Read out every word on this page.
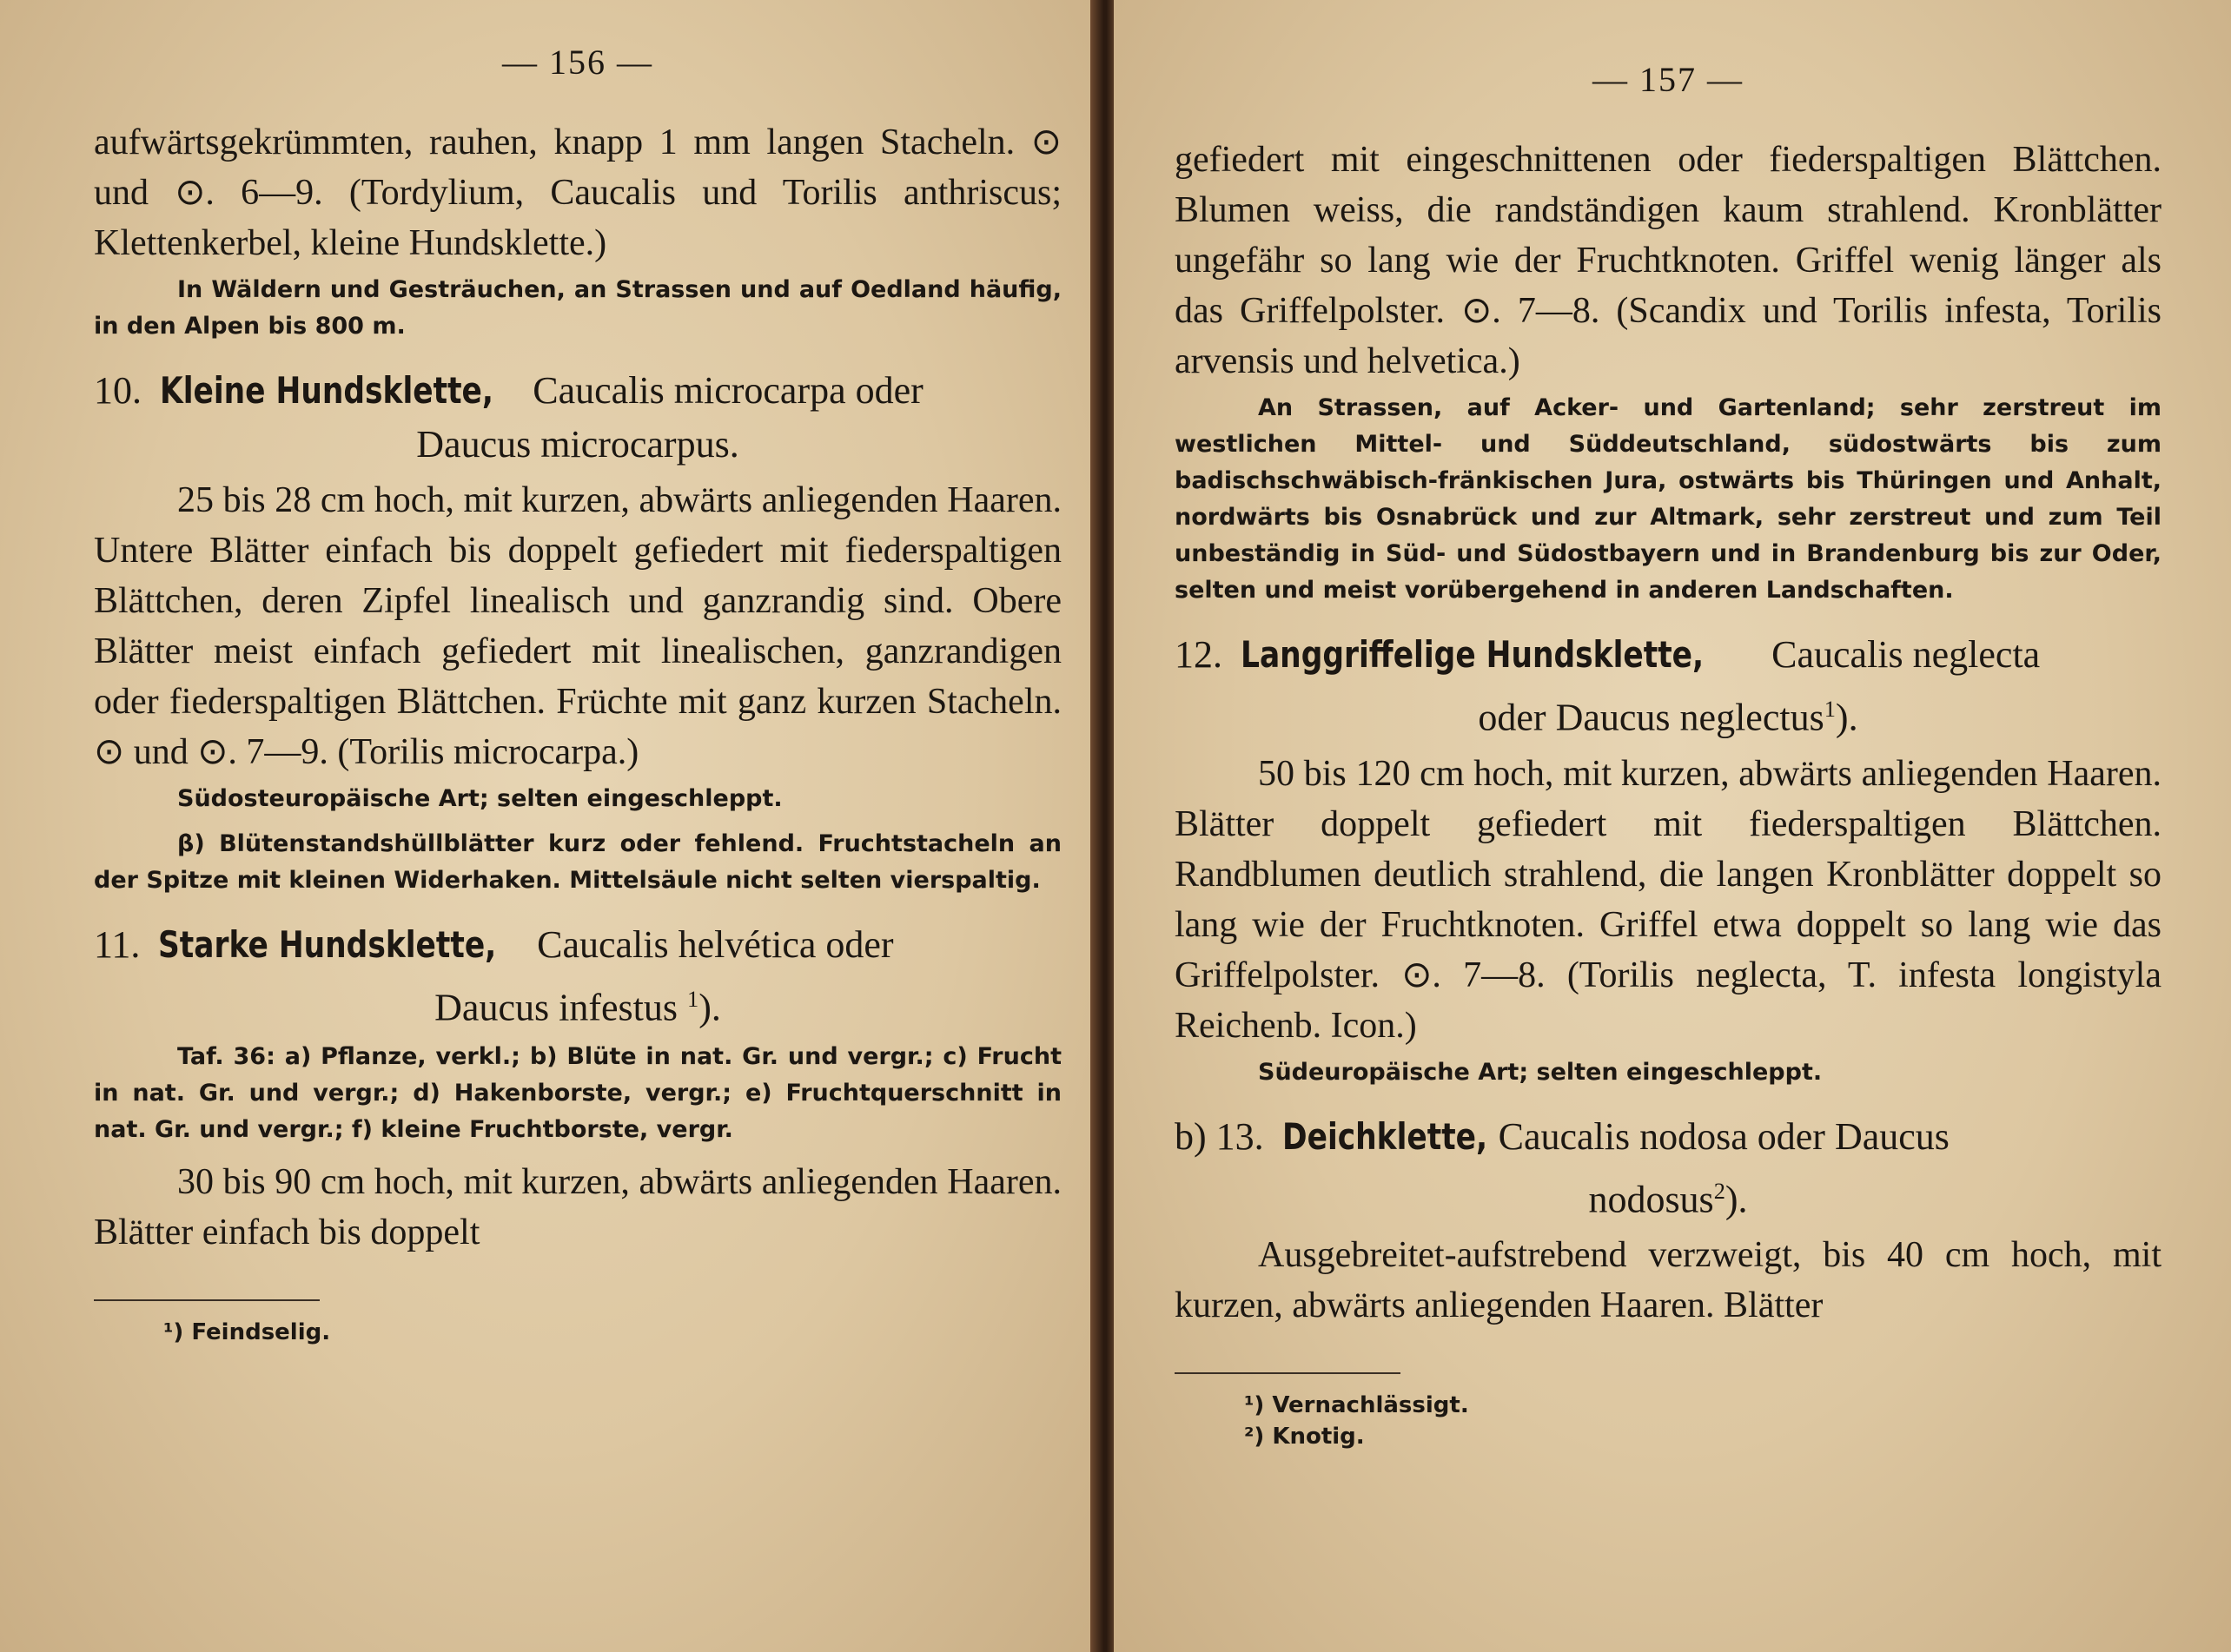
— 156 —

aufwärtsgekrümmten, rauhen, knapp 1 mm langen Stacheln. ⊙ und ⊙. 6—9. (Tordylium, Caucalis und Torilis anthriscus; Klettenkerbel, kleine Hundsklette.)

In Wäldern und Gesträuchen, an Strassen und auf Oedland häufig, in den Alpen bis 800 m.

10. Kleine Hundsklette, Caucalis microcarpa oder
Daucus microcarpus.

25 bis 28 cm hoch, mit kurzen, abwärts anliegenden Haaren. Untere Blätter einfach bis doppelt gefiedert mit fiederspaltigen Blättchen, deren Zipfel linealisch und ganzrandig sind. Obere Blätter meist einfach gefiedert mit linealischen, ganzrandigen oder fiederspaltigen Blättchen. Früchte mit ganz kurzen Stacheln. ⊙ und ⊙. 7—9. (Torilis microcarpa.)

Südosteuropäische Art; selten eingeschleppt.

β) Blütenstandshüllblätter kurz oder fehlend. Fruchtstacheln an der Spitze mit kleinen Widerhaken. Mittelsäule nicht selten vierspaltig.

11. Starke Hundsklette, Caucalis helvética oder
Daucus infestus $^1$).

Taf. 36: a) Pflanze, verkl.; b) Blüte in nat. Gr. und vergr.; c) Frucht in nat. Gr. und vergr.; d) Hakenborste, vergr.; e) Fruchtquerschnitt in nat. Gr. und vergr.; f) kleine Fruchtborste, vergr.

30 bis 90 cm hoch, mit kurzen, abwärts anliegenden Haaren. Blätter einfach bis doppelt

¹) Feindselig.

— 157 —

gefiedert mit eingeschnittenen oder fiederspaltigen Blättchen. Blumen weiss, die randständigen kaum strahlend. Kronblätter ungefähr so lang wie der Fruchtknoten. Griffel wenig länger als das Griffelpolster. ⊙. 7—8. (Scandix und Torilis infesta, Torilis arvensis und helvetica.)

An Strassen, auf Acker- und Gartenland; sehr zerstreut im westlichen Mittel- und Süddeutschland, südostwärts bis zum badischschwäbisch-fränkischen Jura, ostwärts bis Thüringen und Anhalt, nordwärts bis Osnabrück und zur Altmark, sehr zerstreut und zum Teil unbeständig in Süd- und Südostbayern und in Brandenburg bis zur Oder, selten und meist vorübergehend in anderen Landschaften.

12. Langgriffelige Hundsklette, Caucalis neglecta
oder Daucus neglectus$^1$).

50 bis 120 cm hoch, mit kurzen, abwärts anliegenden Haaren. Blätter doppelt gefiedert mit fiederspaltigen Blättchen. Randblumen deutlich strahlend, die langen Kronblätter doppelt so lang wie der Fruchtknoten. Griffel etwa doppelt so lang wie das Griffelpolster. ⊙. 7—8. (Torilis neglecta, T. infesta longistyla Reichenb. Icon.)

Südeuropäische Art; selten eingeschleppt.

b) 13. Deichklette, Caucalis nodosa oder Daucus
nodosus$^2$).

Ausgebreitet-aufstrebend verzweigt, bis 40 cm hoch, mit kurzen, abwärts anliegenden Haaren. Blätter

¹) Vernachlässigt.

²) Knotig.
